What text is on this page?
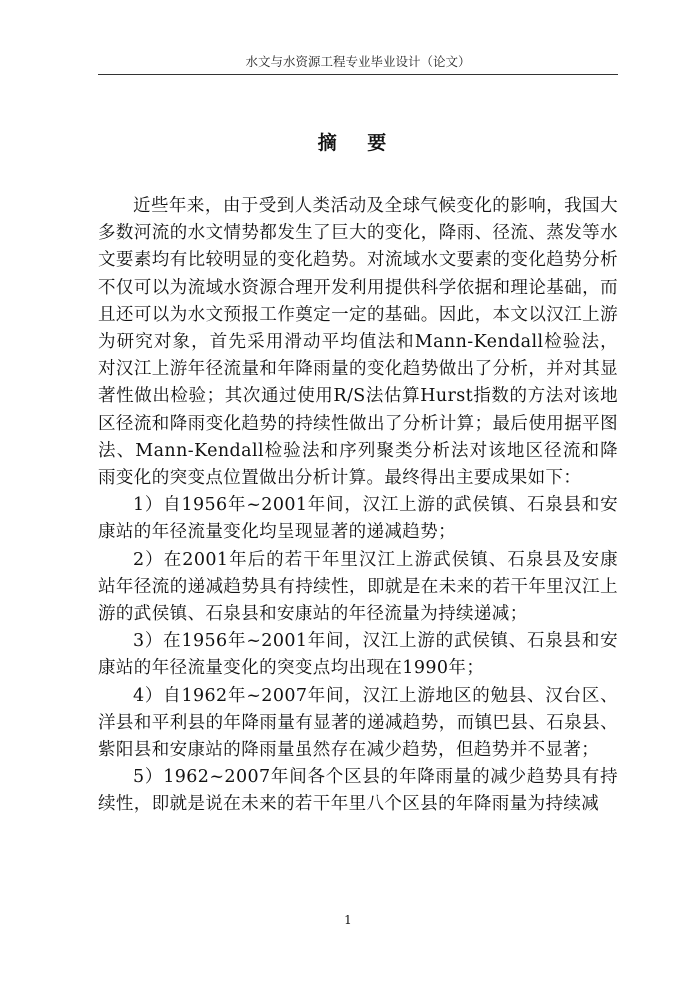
水文与水资源工程专业毕业设计（论文）
摘 要

近些年来，由于受到人类活动及全球气候变化的影响，我国大多数河流的水文情势都发生了巨大的变化，降雨、径流、蒸发等水文要素均有比较明显的变化趋势。对流域水文要素的变化趋势分析不仅可以为流域水资源合理开发利用提供科学依据和理论基础，而且还可以为水文预报工作奠定一定的基础。因此，本文以汉江上游为研究对象，首先采用滑动平均值法和Mann-Kendall检验法，对汉江上游年径流量和年降雨量的变化趋势做出了分析，并对其显著性做出检验；其次通过使用R/S法估算Hurst指数的方法对该地区径流和降雨变化趋势的持续性做出了分析计算；最后使用据平图法、Mann-Kendall检验法和序列聚类分析法对该地区径流和降雨变化的突变点位置做出分析计算。最终得出主要成果如下：

1）自1956年~2001年间，汉江上游的武侯镇、石泉县和安康站的年径流量变化均呈现显著的递减趋势；

2）在2001年后的若干年里汉江上游武侯镇、石泉县及安康站年径流的递减趋势具有持续性，即就是在未来的若干年里汉江上游的武侯镇、石泉县和安康站的年径流量为持续递减；

3）在1956年~2001年间，汉江上游的武侯镇、石泉县和安康站的年径流量变化的突变点均出现在1990年；

4）自1962年~2007年间，汉江上游地区的勉县、汉台区、洋县和平利县的年降雨量有显著的递减趋势，而镇巴县、石泉县、紫阳县和安康站的降雨量虽然存在减少趋势，但趋势并不显著；

5）1962~2007年间各个区县的年降雨量的减少趋势具有持续性，即就是说在未来的若干年里八个区县的年降雨量为持续减

1
